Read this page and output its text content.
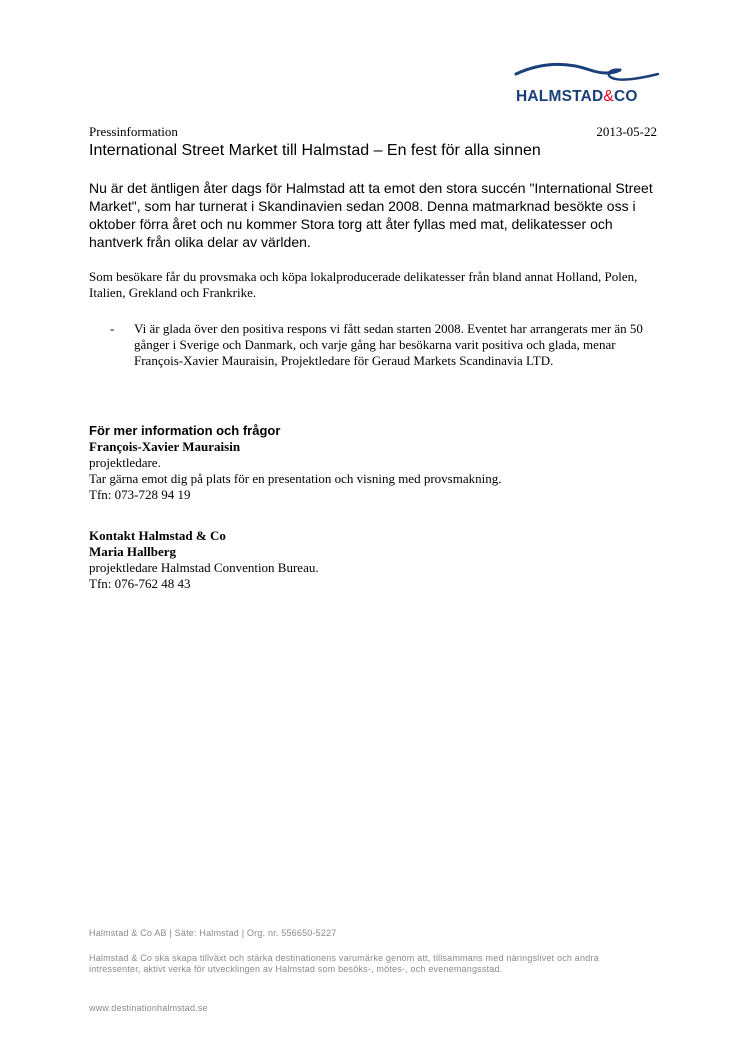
HALMSTAD&CO
Pressinformation	2013-05-22
International Street Market till Halmstad – En fest för alla sinnen
Nu är det äntligen åter dags för Halmstad att ta emot den stora succén "International Street Market", som har turnerat i Skandinavien sedan 2008. Denna matmarknad besökte oss i oktober förra året och nu kommer Stora torg att åter fyllas med mat, delikatesser och hantverk från olika delar av världen.
Som besökare får du provsmaka och köpa lokalproducerade delikatesser från bland annat Holland, Polen, Italien, Grekland och Frankrike.
- Vi är glada över den positiva respons vi fått sedan starten 2008. Eventet har arrangerats mer än 50 gånger i Sverige och Danmark, och varje gång har besökarna varit positiva och glada, menar François-Xavier Mauraisin, Projektledare för Geraud Markets Scandinavia LTD.
För mer information och frågor
François-Xavier Mauraisin
projektledare.
Tar gärna emot dig på plats för en presentation och visning med provsmakning.
Tfn: 073-728 94 19
Kontakt Halmstad & Co
Maria Hallberg
projektledare Halmstad Convention Bureau.
Tfn: 076-762 48 43
Halmstad & Co AB | Säte: Halmstad | Org. nr. 556650-5227
Halmstad & Co ska skapa tillväxt och stärka destinationens varumärke genom att, tillsammans med näringslivet och andra intressenter, aktivt verka för utvecklingen av Halmstad som besöks-, mötes-, och evenemangsstad.
www.destinationhalmstad.se
